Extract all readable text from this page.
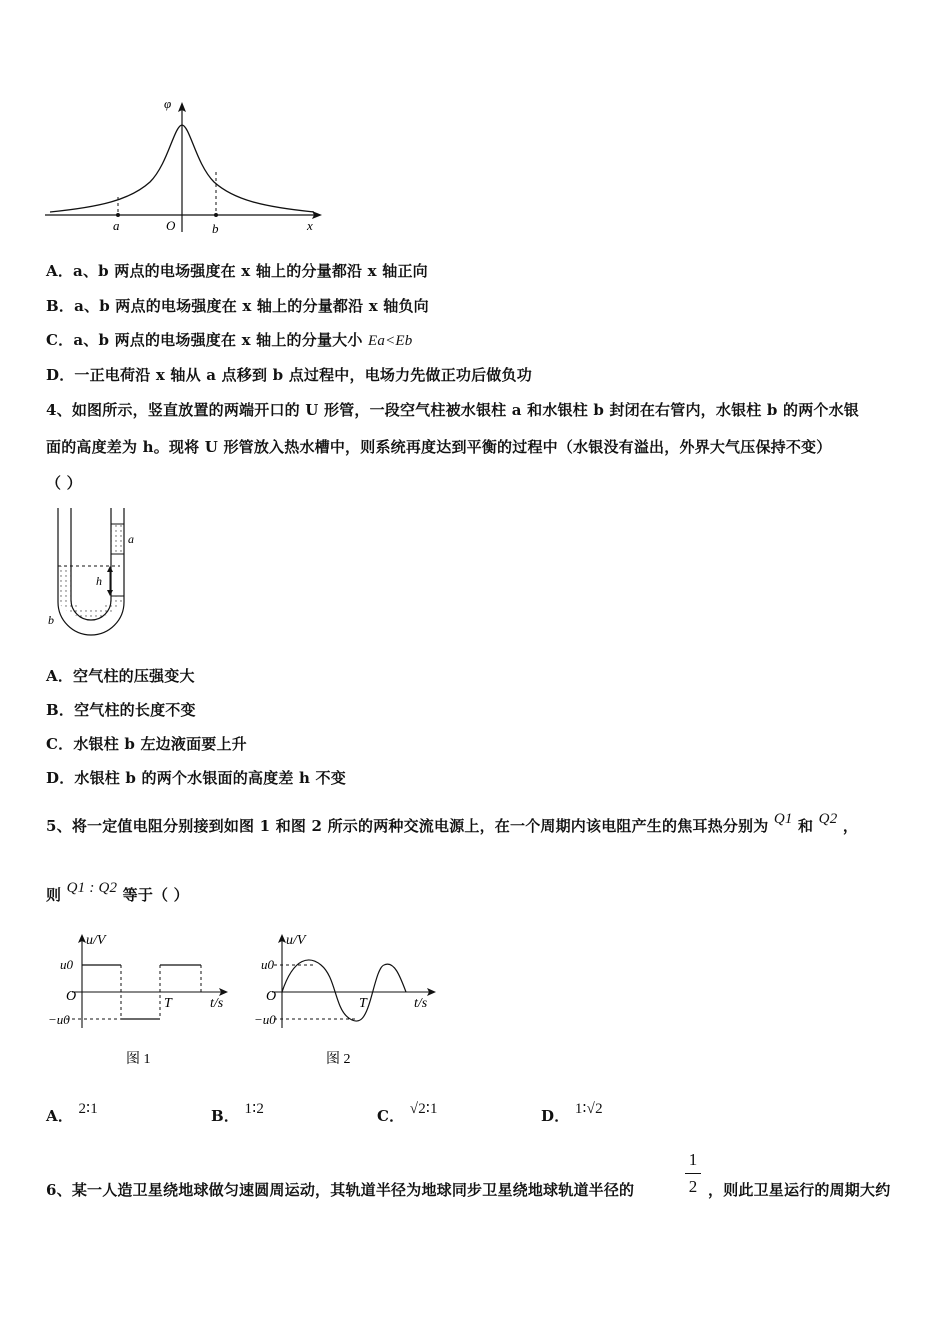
φ
x
O
a	b
A．a、b 两点的电场强度在 x 轴上的分量都沿 x 轴正向
B．a、b 两点的电场强度在 x 轴上的分量都沿 x 轴负向
C．a、b 两点的电场强度在 x 轴上的分量大小 Ea<Eb
D．一正电荷沿 x 轴从 a 点移到 b 点过程中，电场力先做正功后做负功
4、如图所示，竖直放置的两端开口的 U 形管，一段空气柱被水银柱 a 和水银柱 b 封闭在右管内，水银柱 b 的两个水银
面的高度差为 h。现将 U 形管放入热水槽中，则系统再度达到平衡的过程中（水银没有溢出，外界大气压保持不变）
（ ）
a
h
b
A．空气柱的压强变大
B．空气柱的长度不变
C．水银柱 b 左边液面要上升
D．水银柱 b 的两个水银面的高度差 h 不变
5、将一定值电阻分别接到如图 1 和图 2 所示的两种交流电源上，在一个周期内该电阻产生的焦耳热分别为 Q1 和 Q2 ，
则 Q1 : Q2 等于（ ）
u/V
u0
O
−u0
T	t/s
图 1
u/V
u0
O
−u0
T	t/s
图 2
A． 2∶1	B． 1∶2	C． √2∶1	D． 1∶√2
6、某一人造卫星绕地球做匀速圆周运动，其轨道半径为地球同步卫星绕地球轨道半径的
1
2 ，则此卫星运行的周期大约
